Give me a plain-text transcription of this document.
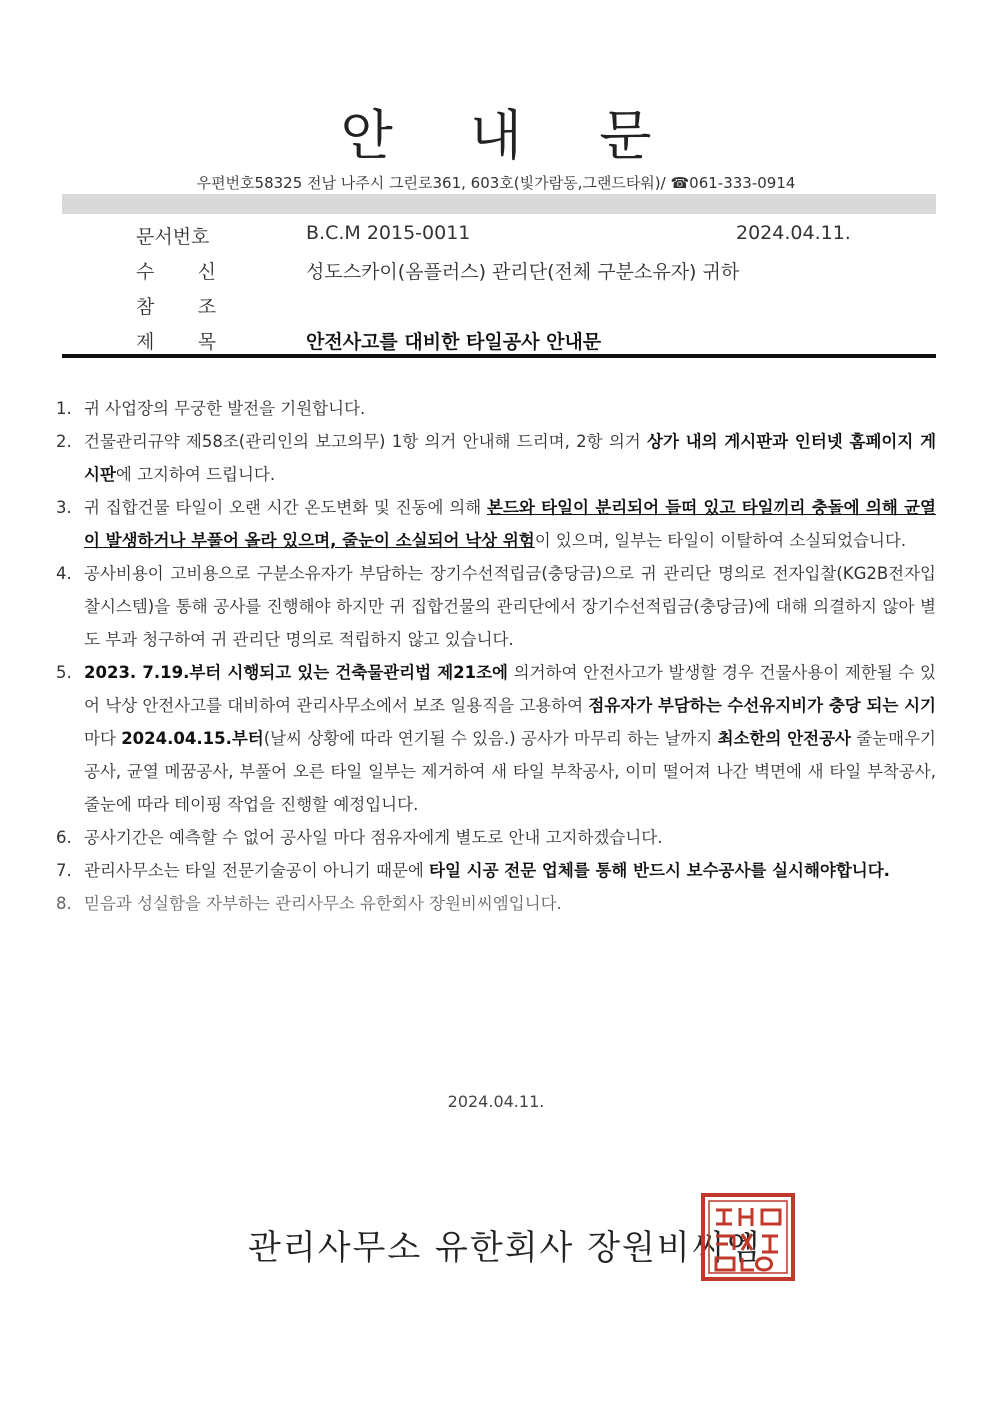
안 내 문
우편번호58325 전남 나주시 그린로361, 603호(빛가람동,그랜드타워)/ ☎061-333-0914
문서번호	B.C.M 2015-0011	2024.04.11.
수 신	성도스카이(옴플러스) 관리단(전체 구분소유자) 귀하
참 조
제 목	안전사고를 대비한 타일공사 안내문
1. 귀 사업장의 무궁한 발전을 기원합니다.
2. 건물관리규약 제58조(관리인의 보고의무) 1항 의거 안내해 드리며, 2항 의거 상가 내의 게시판과 인터넷 홈페이지 게시판에 고지하여 드립니다.
3. 귀 집합건물 타일이 오랜 시간 온도변화 및 진동에 의해 본드와 타일이 분리되어 들떠 있고 타일끼리 충돌에 의해 균열이 발생하거나 부풀어 올라 있으며, 줄눈이 소실되어 낙상 위험이 있으며, 일부는 타일이 이탈하여 소실되었습니다.
4. 공사비용이 고비용으로 구분소유자가 부담하는 장기수선적립금(충당금)으로 귀 관리단 명의로 전자입찰(KG2B전자입찰시스템)을 통해 공사를 진행해야 하지만 귀 집합건물의 관리단에서 장기수선적립금(충당금)에 대해 의결하지 않아 별도 부과 청구하여 귀 관리단 명의로 적립하지 않고 있습니다.
5. 2023. 7.19.부터 시행되고 있는 건축물관리법 제21조에 의거하여 안전사고가 발생할 경우 건물사용이 제한될 수 있어 낙상 안전사고를 대비하여 관리사무소에서 보조 일용직을 고용하여 점유자가 부담하는 수선유지비가 충당 되는 시기마다 2024.04.15.부터(날씨 상황에 따라 연기될 수 있음.) 공사가 마무리 하는 날까지 최소한의 안전공사 줄눈매우기공사, 균열 메꿈공사, 부풀어 오른 타일 일부는 제거하여 새 타일 부착공사, 이미 떨어져 나간 벽면에 새 타일 부착공사, 줄눈에 따라 테이핑 작업을 진행할 예정입니다.
6. 공사기간은 예측할 수 없어 공사일 마다 점유자에게 별도로 안내 고지하겠습니다.
7. 관리사무소는 타일 전문기술공이 아니기 때문에 타일 시공 전문 업체를 통해 반드시 보수공사를 실시해야합니다.
8. 믿음과 성실함을 자부하는 관리사무소 유한회사 장원비씨엠입니다.
2024.04.11.
관리사무소 유한회사 장원비씨엠
